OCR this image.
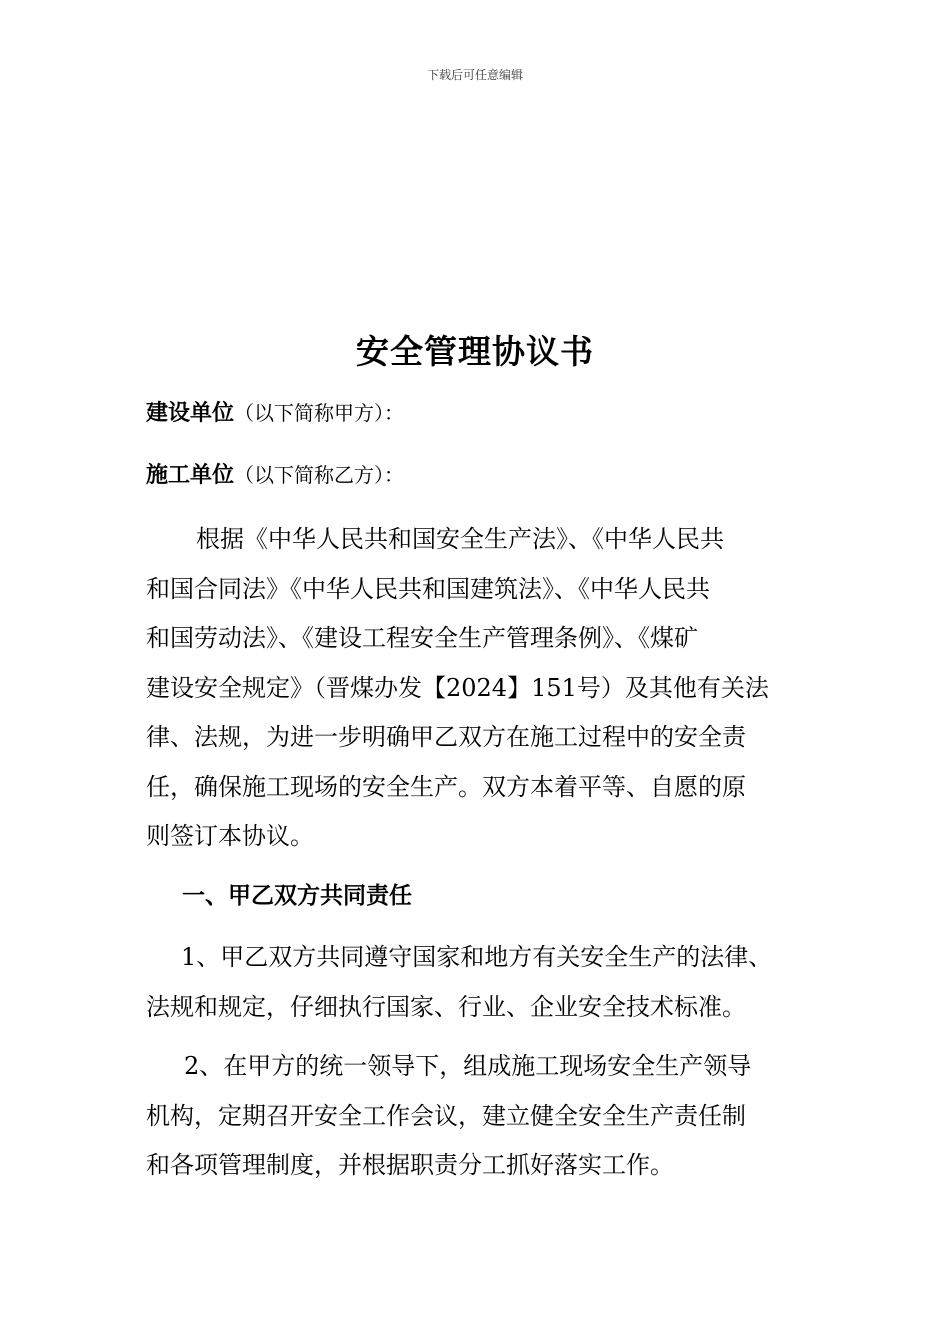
下载后可任意编辑
安全管理协议书
建设单位（以下简称甲方）：
施工单位（以下简称乙方）：
根据《中华人民共和国安全生产法》、《中华人民共
和国合同法》《中华人民共和国建筑法》、《中华人民共
和国劳动法》、《建设工程安全生产管理条例》、《煤矿
建设安全规定》（晋煤办发【2024】151号）及其他有关法
律、法规，为进一步明确甲乙双方在施工过程中的安全责
任，确保施工现场的安全生产。双方本着平等、自愿的原
则签订本协议。
一、甲乙双方共同责任
1、甲乙双方共同遵守国家和地方有关安全生产的法律、
法规和规定，仔细执行国家、行业、企业安全技术标准。
2、在甲方的统一领导下，组成施工现场安全生产领导
机构，定期召开安全工作会议，建立健全安全生产责任制
和各项管理制度，并根据职责分工抓好落实工作。
